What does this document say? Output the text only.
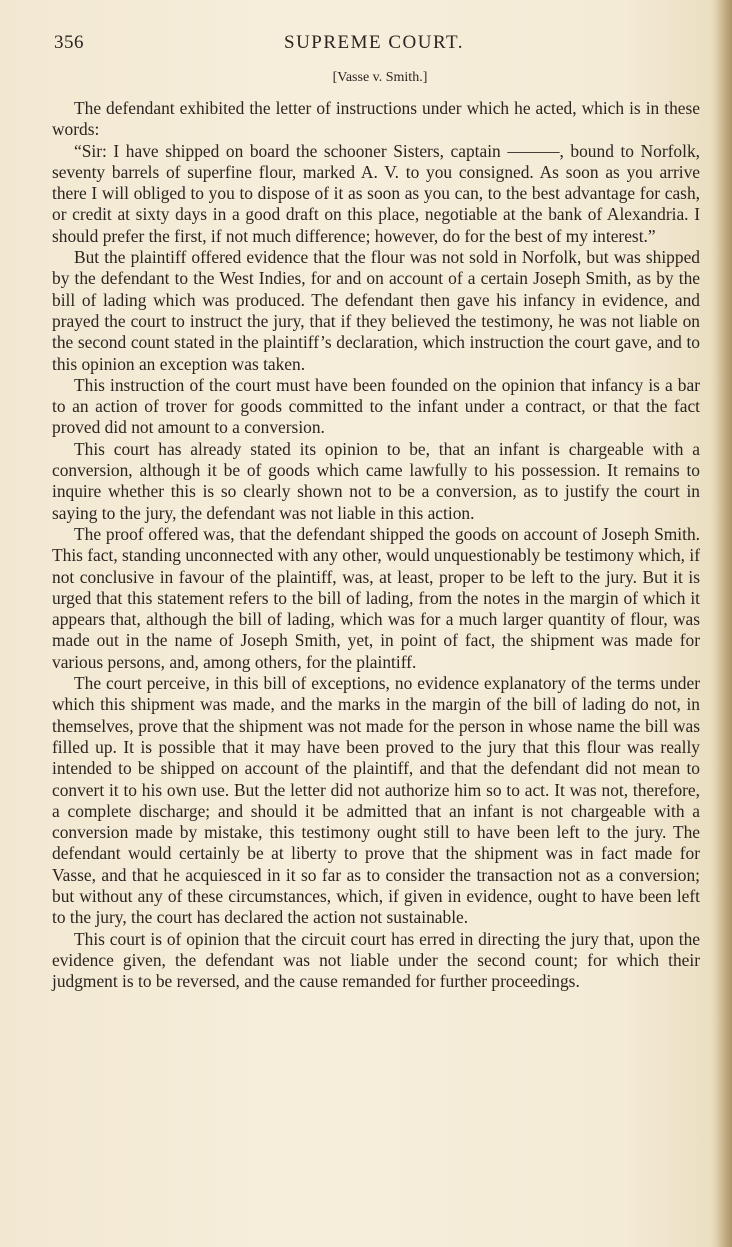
356	SUPREME COURT.
[Vasse v. Smith.]

The defendant exhibited the letter of instructions under which he acted, which is in these words:

“Sir: I have shipped on board the schooner Sisters, captain ———, bound to Norfolk, seventy barrels of superfine flour, marked A. V. to you consigned. As soon as you arrive there I will obliged to you to dispose of it as soon as you can, to the best advantage for cash, or credit at sixty days in a good draft on this place, negotiable at the bank of Alexandria. I should prefer the first, if not much difference; however, do for the best of my interest.”

But the plaintiff offered evidence that the flour was not sold in Norfolk, but was shipped by the defendant to the West Indies, for and on account of a certain Joseph Smith, as by the bill of lading which was produced. The defendant then gave his infancy in evidence, and prayed the court to instruct the jury, that if they believed the testimony, he was not liable on the second count stated in the plaintiff’s declaration, which instruction the court gave, and to this opinion an exception was taken.

This instruction of the court must have been founded on the opinion that infancy is a bar to an action of trover for goods committed to the infant under a contract, or that the fact proved did not amount to a conversion.

This court has already stated its opinion to be, that an infant is chargeable with a conversion, although it be of goods which came lawfully to his possession. It remains to inquire whether this is so clearly shown not to be a conversion, as to justify the court in saying to the jury, the defendant was not liable in this action.

The proof offered was, that the defendant shipped the goods on account of Joseph Smith. This fact, standing unconnected with any other, would unquestionably be testimony which, if not conclusive in favour of the plaintiff, was, at least, proper to be left to the jury. But it is urged that this statement refers to the bill of lading, from the notes in the margin of which it appears that, although the bill of lading, which was for a much larger quantity of flour, was made out in the name of Joseph Smith, yet, in point of fact, the shipment was made for various persons, and, among others, for the plaintiff.

The court perceive, in this bill of exceptions, no evidence explanatory of the terms under which this shipment was made, and the marks in the margin of the bill of lading do not, in themselves, prove that the shipment was not made for the person in whose name the bill was filled up. It is possible that it may have been proved to the jury that this flour was really intended to be shipped on account of the plaintiff, and that the defendant did not mean to convert it to his own use. But the letter did not authorize him so to act. It was not, therefore, a complete discharge; and should it be admitted that an infant is not chargeable with a conversion made by mistake, this testimony ought still to have been left to the jury. The defendant would certainly be at liberty to prove that the shipment was in fact made for Vasse, and that he acquiesced in it so far as to consider the transaction not as a conversion; but without any of these circumstances, which, if given in evidence, ought to have been left to the jury, the court has declared the action not sustainable.

This court is of opinion that the circuit court has erred in directing the jury that, upon the evidence given, the defendant was not liable under the second count; for which their judgment is to be reversed, and the cause remanded for further proceedings.
